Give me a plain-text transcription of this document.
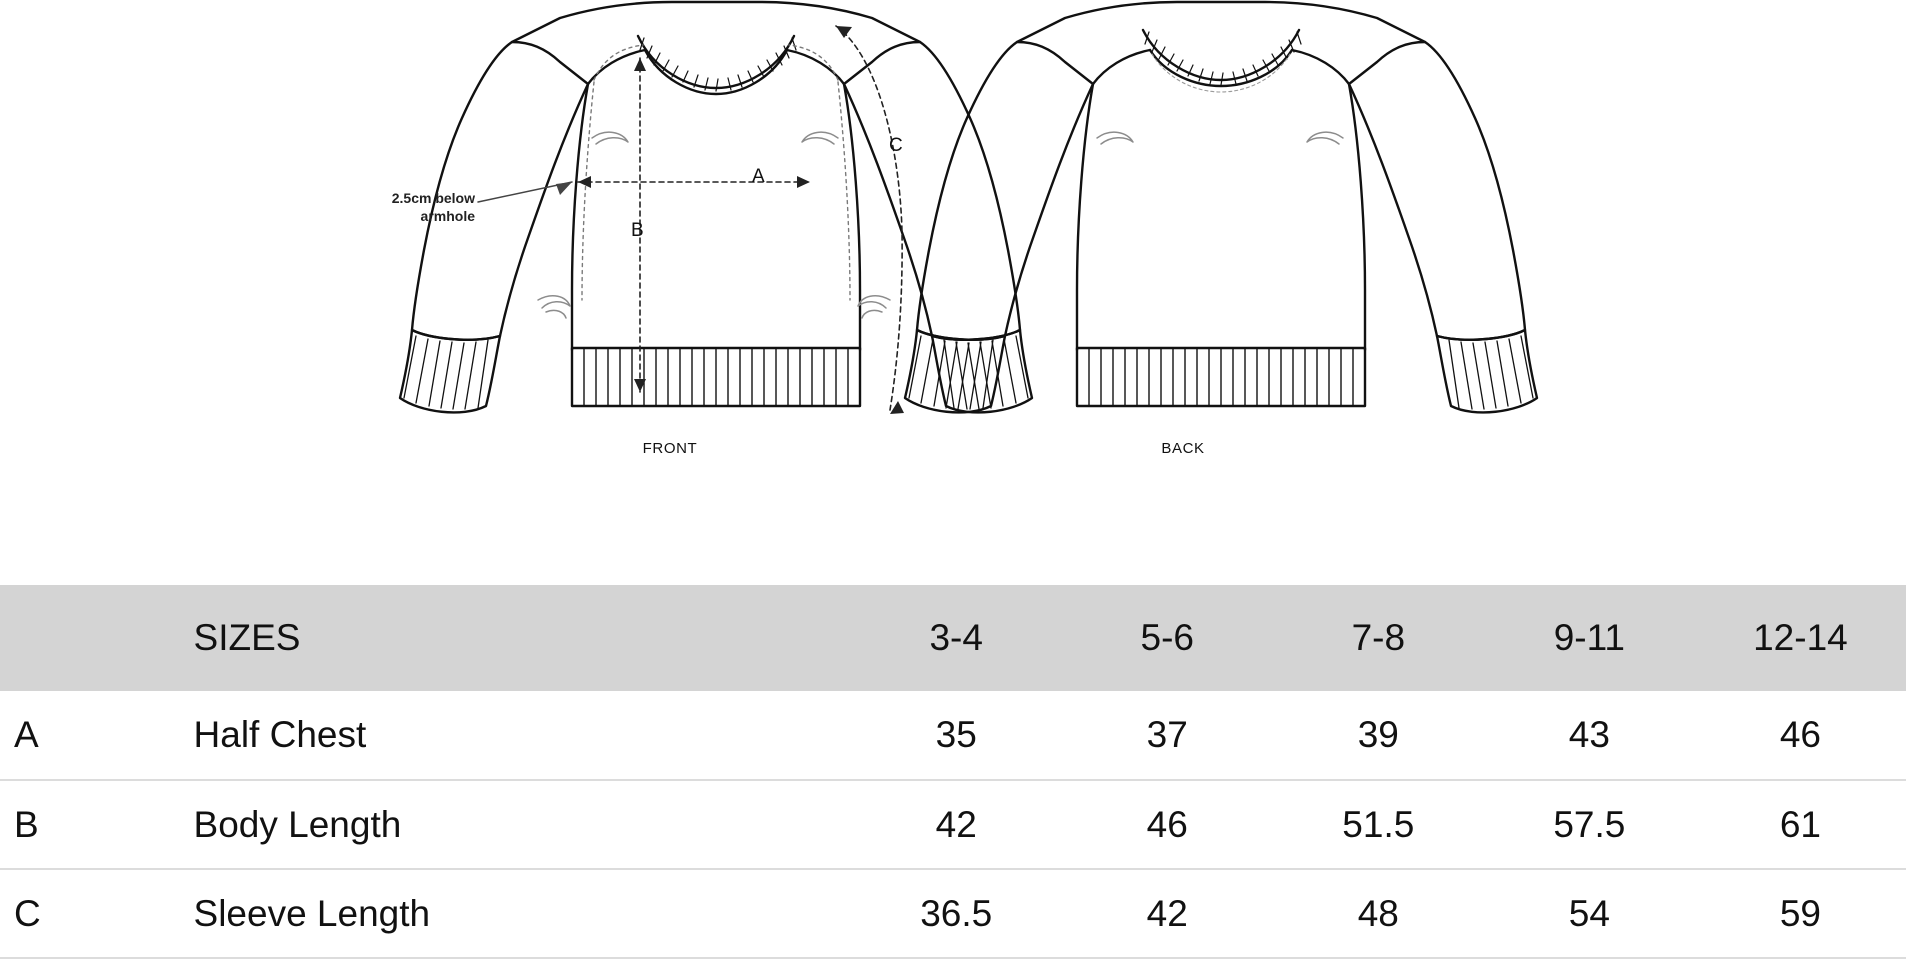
2.5cm below armhole
A
B
C
FRONT	BACK
	SIZES	3-4	5-6	7-8	9-11	12-14
A	Half Chest	35	37	39	43	46
B	Body Length	42	46	51.5	57.5	61
C	Sleeve Length	36.5	42	48	54	59
